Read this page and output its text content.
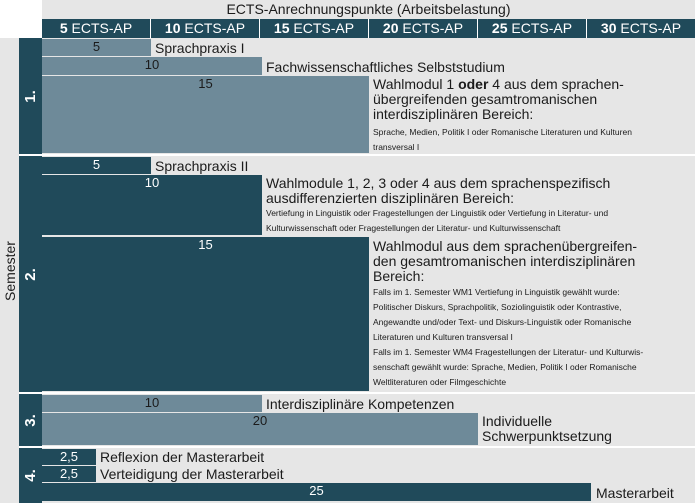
ECTS-Anrechnungspunkte (Arbeitsbelastung)
5 ECTS-AP	10 ECTS-AP	15 ECTS-AP	20 ECTS-AP	25 ECTS-AP	30 ECTS-AP
Semester
1.
5	Sprachpraxis I
10	Fachwissenschaftliches Selbststudium
15	Wahlmodul 1 oder 4 aus dem sprachen-
übergreifenden gesamtromanischen
interdisziplinären Bereich:
Sprache, Medien, Politik I oder Romanische Literaturen und Kulturen
transversal I
2.
5	Sprachpraxis II
10	Wahlmodule 1, 2, 3 oder 4 aus dem sprachenspezifisch
ausdifferenzierten disziplinären Bereich:
Vertiefung in Linguistik oder Fragestellungen der Linguistik oder Vertiefung in Literatur- und
Kulturwissenschaft oder Fragestellungen der Literatur- und Kulturwissenschaft
15	Wahlmodul aus dem sprachenübergreifen-
den gesamtromanischen interdisziplinären
Bereich:
Falls im 1. Semester WM1 Vertiefung in Linguistik gewählt wurde:
Politischer Diskurs, Sprachpolitik, Soziolinguistik oder Kontrastive,
Angewandte und/oder Text- und Diskurs-Linguistik oder Romanische
Literaturen und Kulturen transversal I
Falls im 1. Semester WM4 Fragestellungen der Literatur- und Kulturwis-
senschaft gewählt wurde: Sprache, Medien, Politik I oder Romanische
Weltliteraturen oder Filmgeschichte
3.
10	Interdisziplinäre Kompetenzen
20	Individuelle
Schwerpunktsetzung
4.
2,5	Reflexion der Masterarbeit
2,5	Verteidigung der Masterarbeit
25	Masterarbeit
